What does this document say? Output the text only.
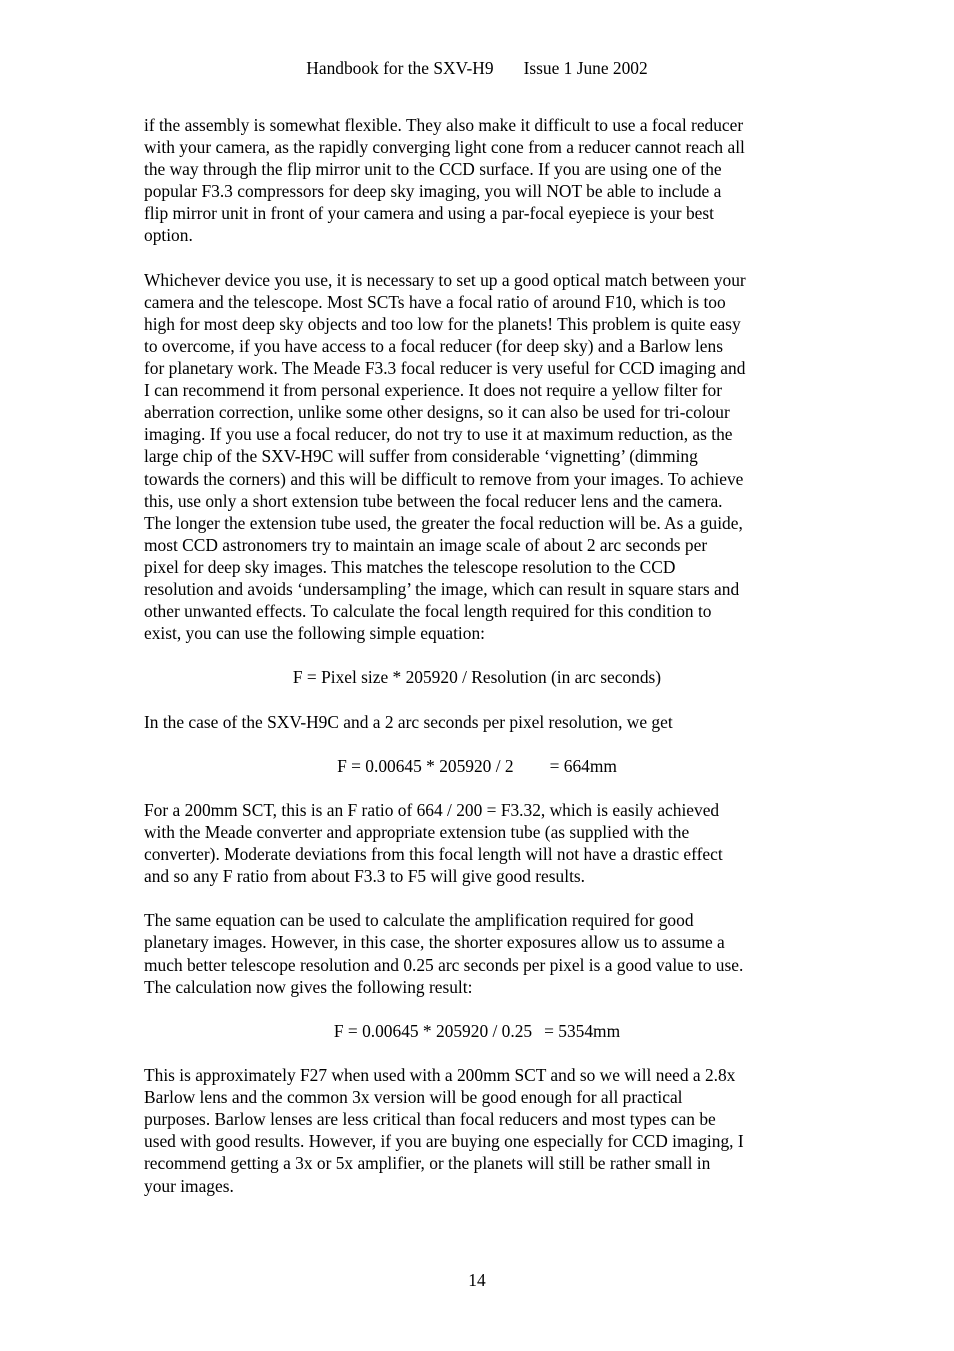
Handbook for the SXV-H9 Issue 1 June 2002
if the assembly is somewhat flexible. They also make it difficult to use a focal reducer
with your camera, as the rapidly converging light cone from a reducer cannot reach all
the way through the flip mirror unit to the CCD surface. If you are using one of the
popular F3.3 compressors for deep sky imaging, you will NOT be able to include a
flip mirror unit in front of your camera and using a par-focal eyepiece is your best
option.
Whichever device you use, it is necessary to set up a good optical match between your
camera and the telescope. Most SCTs have a focal ratio of around F10, which is too
high for most deep sky objects and too low for the planets! This problem is quite easy
to overcome, if you have access to a focal reducer (for deep sky) and a Barlow lens
for planetary work. The Meade F3.3 focal reducer is very useful for CCD imaging and
I can recommend it from personal experience. It does not require a yellow filter for
aberration correction, unlike some other designs, so it can also be used for tri-colour
imaging. If you use a focal reducer, do not try to use it at maximum reduction, as the
large chip of the SXV-H9C will suffer from considerable ‘vignetting’ (dimming
towards the corners) and this will be difficult to remove from your images. To achieve
this, use only a short extension tube between the focal reducer lens and the camera.
The longer the extension tube used, the greater the focal reduction will be. As a guide,
most CCD astronomers try to maintain an image scale of about 2 arc seconds per
pixel for deep sky images. This matches the telescope resolution to the CCD
resolution and avoids ‘undersampling’ the image, which can result in square stars and
other unwanted effects. To calculate the focal length required for this condition to
exist, you can use the following simple equation:
F = Pixel size * 205920 / Resolution (in arc seconds)
In the case of the SXV-H9C and a 2 arc seconds per pixel resolution, we get
F = 0.00645 * 205920 / 2 = 664mm
For a 200mm SCT, this is an F ratio of 664 / 200 = F3.32, which is easily achieved
with the Meade converter and appropriate extension tube (as supplied with the
converter). Moderate deviations from this focal length will not have a drastic effect
and so any F ratio from about F3.3 to F5 will give good results.
The same equation can be used to calculate the amplification required for good
planetary images. However, in this case, the shorter exposures allow us to assume a
much better telescope resolution and 0.25 arc seconds per pixel is a good value to use.
The calculation now gives the following result:
F = 0.00645 * 205920 / 0.25 = 5354mm
This is approximately F27 when used with a 200mm SCT and so we will need a 2.8x
Barlow lens and the common 3x version will be good enough for all practical
purposes. Barlow lenses are less critical than focal reducers and most types can be
used with good results. However, if you are buying one especially for CCD imaging, I
recommend getting a 3x or 5x amplifier, or the planets will still be rather small in
your images.
14
